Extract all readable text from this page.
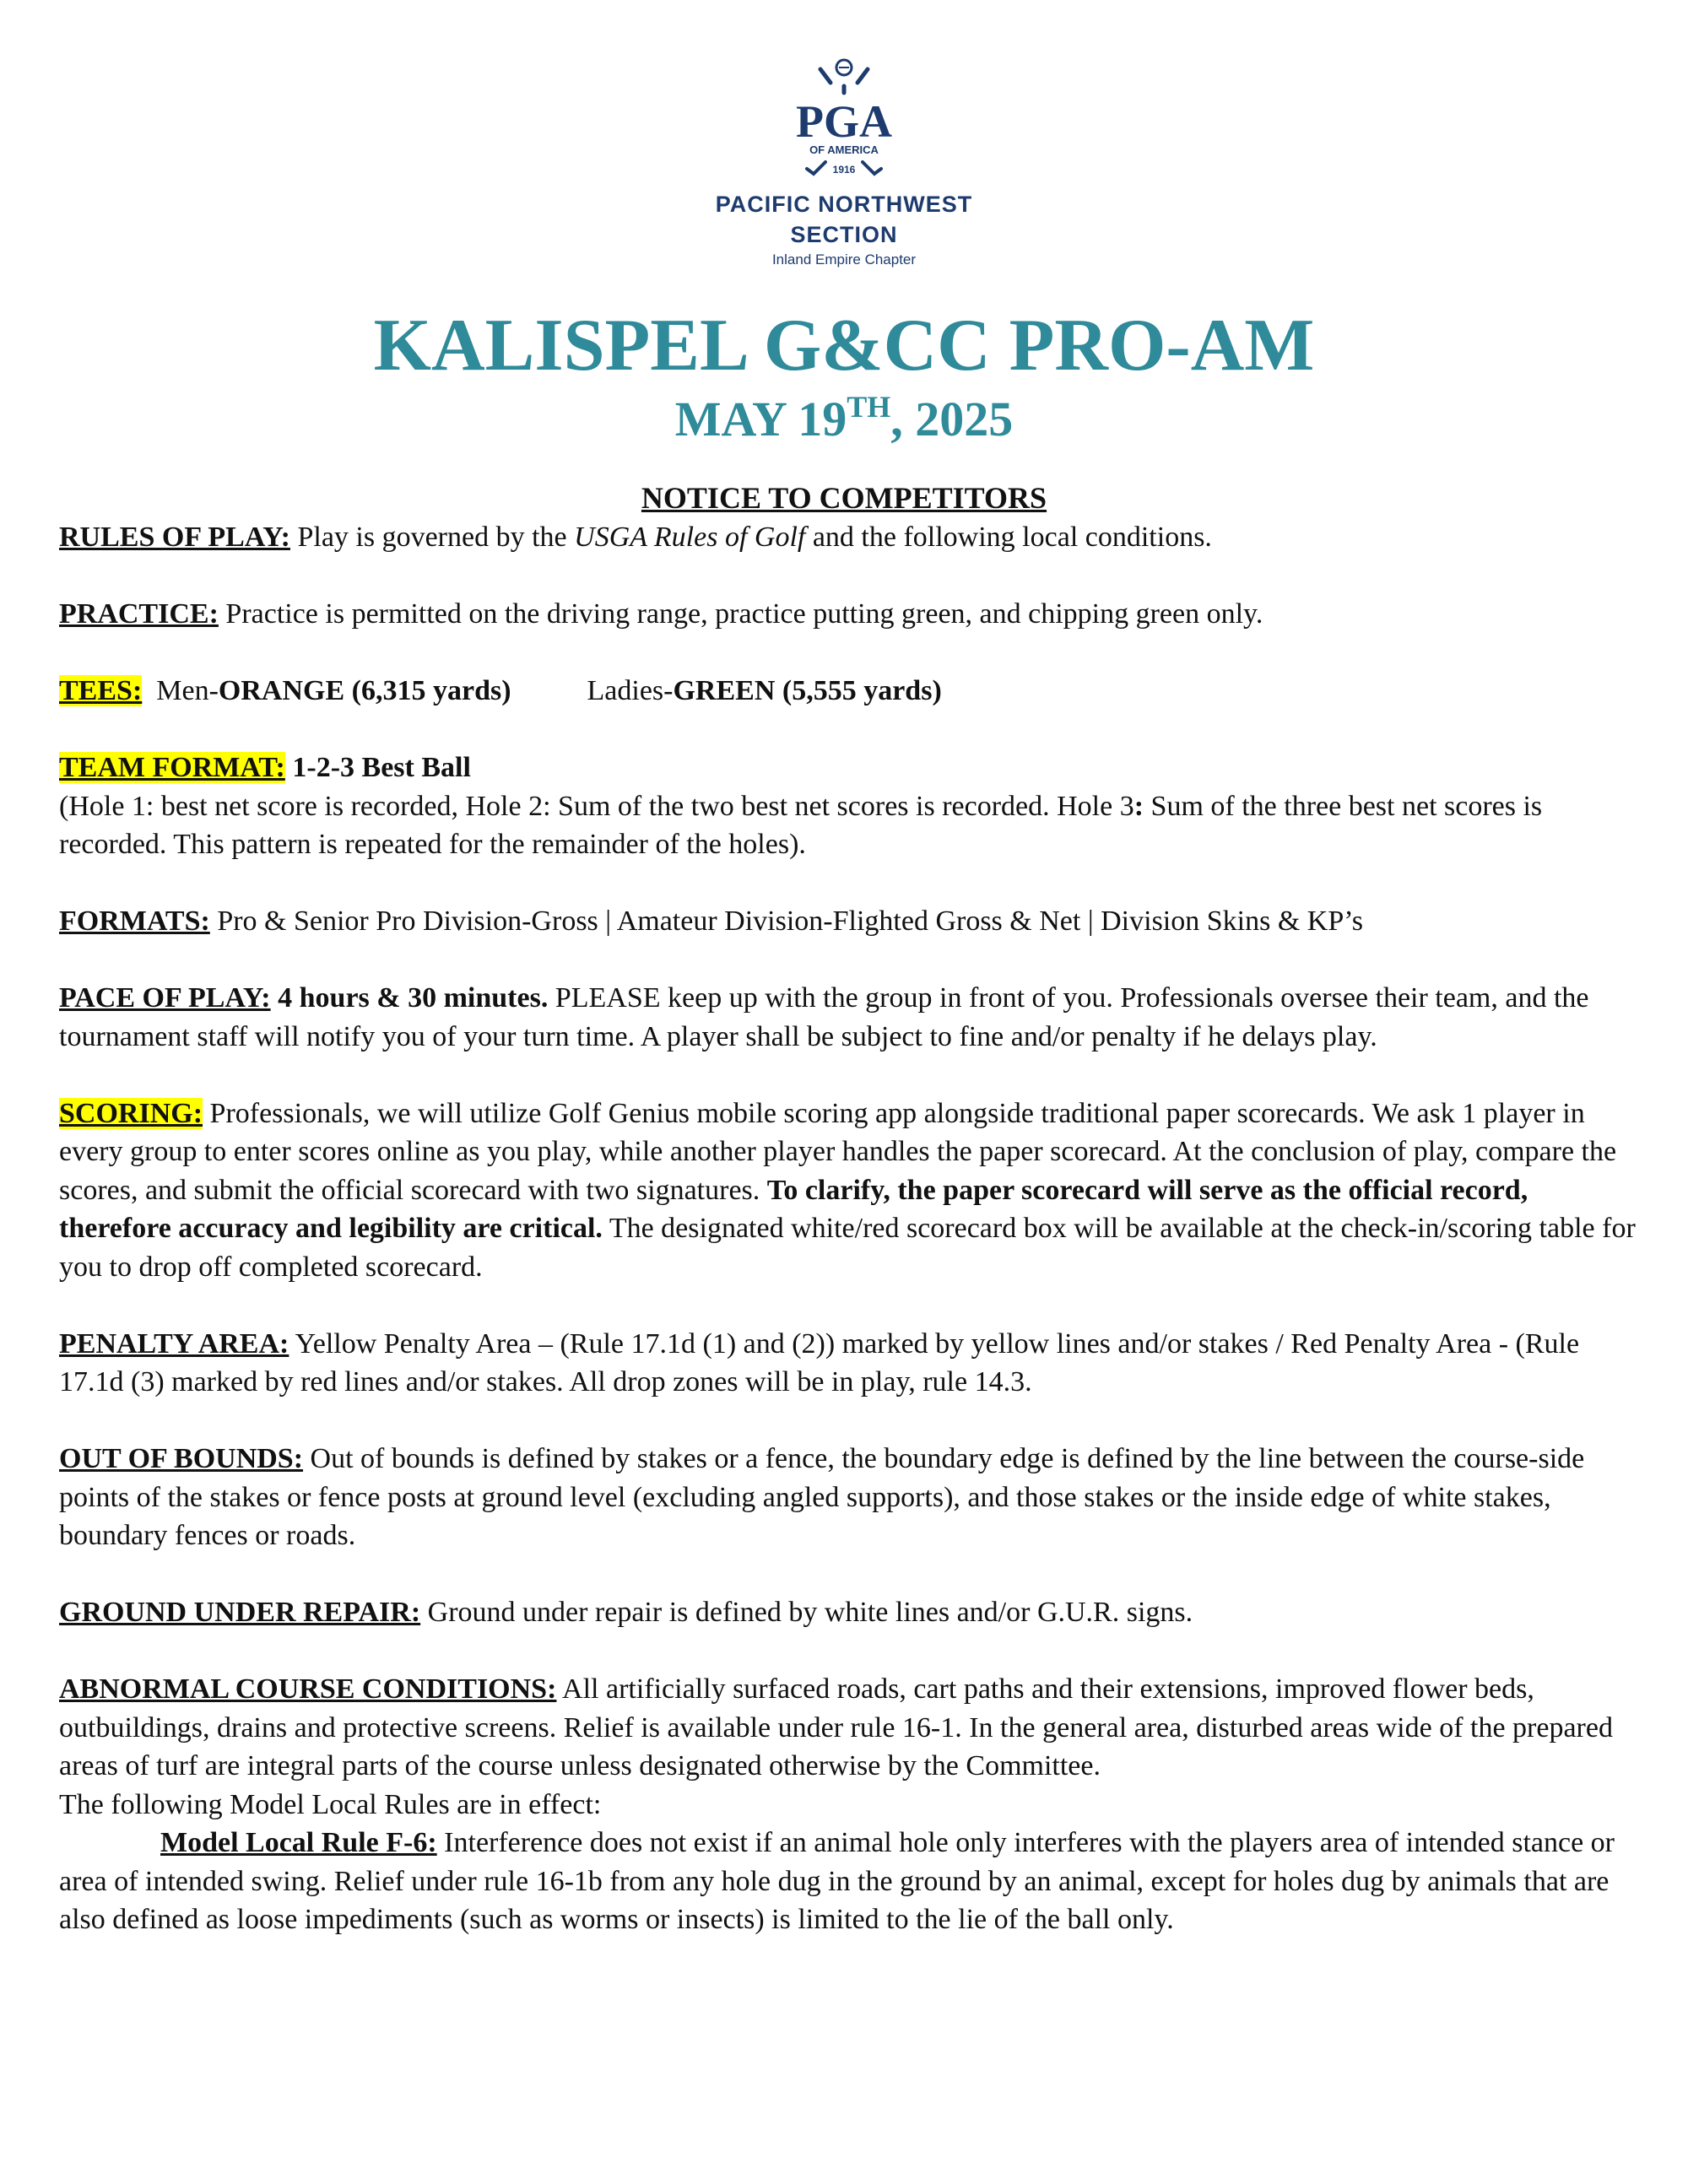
PGA
OF AMERICA
1916
PACIFIC NORTHWEST
SECTION
Inland Empire Chapter
KALISPEL G&CC PRO-AM
MAY 19TH, 2025
NOTICE TO COMPETITORS

RULES OF PLAY: Play is governed by the USGA Rules of Golf and the following local conditions.

PRACTICE: Practice is permitted on the driving range, practice putting green, and chipping green only.

TEES: Men-ORANGE (6,315 yards)	Ladies-GREEN (5,555 yards)

TEAM FORMAT: 1-2-3 Best Ball
(Hole 1: best net score is recorded, Hole 2: Sum of the two best net scores is recorded. Hole 3: Sum of the three best net scores is recorded. This pattern is repeated for the remainder of the holes).

FORMATS: Pro & Senior Pro Division-Gross | Amateur Division-Flighted Gross & Net | Division Skins & KP’s

PACE OF PLAY: 4 hours & 30 minutes. PLEASE keep up with the group in front of you. Professionals oversee their team, and the tournament staff will notify you of your turn time. A player shall be subject to fine and/or penalty if he delays play.

SCORING: Professionals, we will utilize Golf Genius mobile scoring app alongside traditional paper scorecards. We ask 1 player in every group to enter scores online as you play, while another player handles the paper scorecard. At the conclusion of play, compare the scores, and submit the official scorecard with two signatures. To clarify, the paper scorecard will serve as the official record, therefore accuracy and legibility are critical. The designated white/red scorecard box will be available at the check-in/scoring table for you to drop off completed scorecard.

PENALTY AREA: Yellow Penalty Area – (Rule 17.1d (1) and (2)) marked by yellow lines and/or stakes / Red Penalty Area - (Rule 17.1d (3) marked by red lines and/or stakes. All drop zones will be in play, rule 14.3.

OUT OF BOUNDS: Out of bounds is defined by stakes or a fence, the boundary edge is defined by the line between the course-side points of the stakes or fence posts at ground level (excluding angled supports), and those stakes or the inside edge of white stakes, boundary fences or roads.

GROUND UNDER REPAIR: Ground under repair is defined by white lines and/or G.U.R. signs.

ABNORMAL COURSE CONDITIONS: All artificially surfaced roads, cart paths and their extensions, improved flower beds, outbuildings, drains and protective screens. Relief is available under rule 16-1. In the general area, disturbed areas wide of the prepared areas of turf are integral parts of the course unless designated otherwise by the Committee.

The following Model Local Rules are in effect:

Model Local Rule F-6: Interference does not exist if an animal hole only interferes with the players area of intended stance or area of intended swing. Relief under rule 16-1b from any hole dug in the ground by an animal, except for holes dug by animals that are also defined as loose impediments (such as worms or insects) is limited to the lie of the ball only.
